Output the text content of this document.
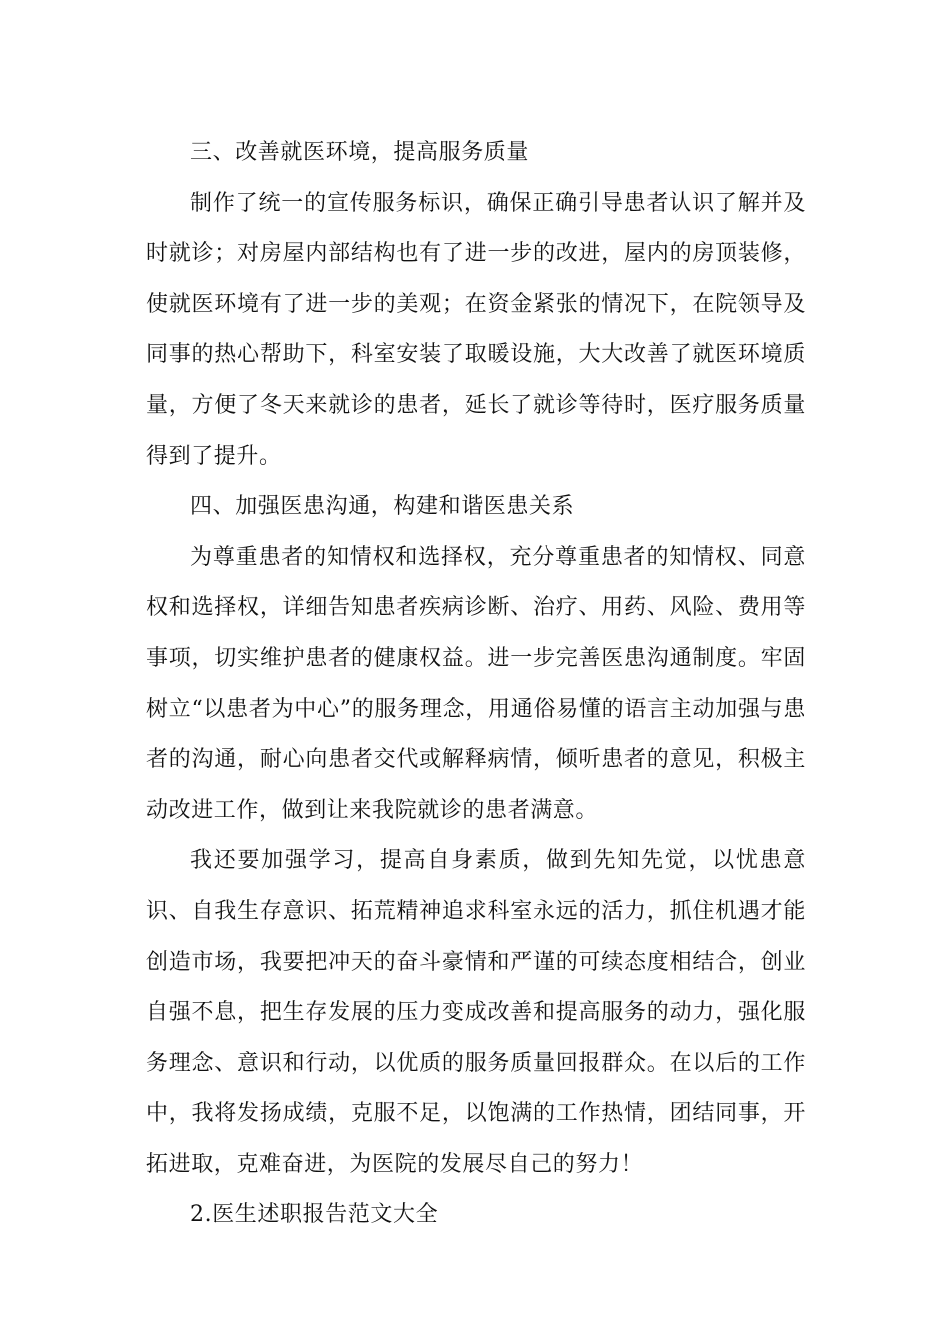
三、改善就医环境，提高服务质量

制作了统一的宣传服务标识，确保正确引导患者认识了解并及时就诊；对房屋内部结构也有了进一步的改进，屋内的房顶装修，使就医环境有了进一步的美观；在资金紧张的情况下，在院领导及同事的热心帮助下，科室安装了取暖设施，大大改善了就医环境质量，方便了冬天来就诊的患者，延长了就诊等待时，医疗服务质量得到了提升。

四、加强医患沟通，构建和谐医患关系

为尊重患者的知情权和选择权，充分尊重患者的知情权、同意权和选择权，详细告知患者疾病诊断、治疗、用药、风险、费用等事项，切实维护患者的健康权益。进一步完善医患沟通制度。牢固树立“以患者为中心”的服务理念，用通俗易懂的语言主动加强与患者的沟通，耐心向患者交代或解释病情，倾听患者的意见，积极主动改进工作，做到让来我院就诊的患者满意。

我还要加强学习，提高自身素质，做到先知先觉，以忧患意识、自我生存意识、拓荒精神追求科室永远的活力，抓住机遇才能创造市场，我要把冲天的奋斗豪情和严谨的可续态度相结合，创业自强不息，把生存发展的压力变成改善和提高服务的动力，强化服务理念、意识和行动，以优质的服务质量回报群众。在以后的工作中，我将发扬成绩，克服不足，以饱满的工作热情，团结同事，开拓进取，克难奋进，为医院的发展尽自己的努力！

2.医生述职报告范文大全
